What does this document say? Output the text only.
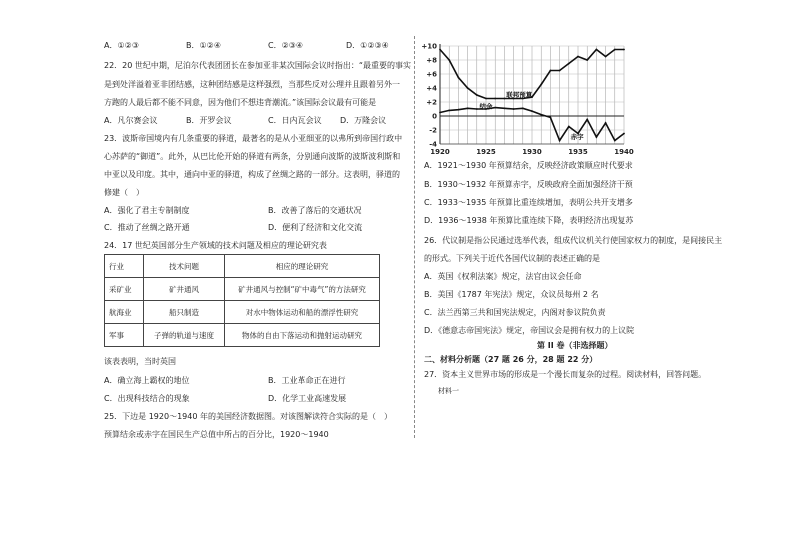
A．①②③	B．①②④	C．②③④	D．①②③④
22．20 世纪中期，尼泊尔代表团团长在参加亚非某次国际会议时指出：“最重要的事实
是到处洋溢着亚非团结感，这种团结感是这样强烈，当那些反对公理并且跟着另外一
方跑的人最后都不能不同意，因为他们不想违背潮流。”该国际会议最有可能是
A．凡尔赛会议	B．开罗会议	C．日内瓦会议 D．万隆会议
23．波斯帝国境内有几条重要的驿道，最著名的是从小亚细亚的以弗所到帝国行政中
心苏萨的“御道”。此外，从巴比伦开始的驿道有两条，分别通向波斯的波斯波利斯和
中亚以及印度。其中，通向中亚的驿道，构成了丝绸之路的一部分。这表明，驿道的
修建（　）
A．强化了君主专制制度	B．改善了落后的交通状况
C．推动了丝绸之路开通	D．便利了经济和文化交流
24．17 世纪英国部分生产领域的技术问题及相应的理论研究表
行业	技术问题	相应的理论研究
采矿业	矿井通风	矿井通风与控制“矿中毒气”的方法研究
航海业	船只制造	对水中物体运动和船的漂浮性研究
军事	子弹的轨道与速度	物体的自由下落运动和抛射运动研究
该表表明，当时英国
A．确立海上霸权的地位	B．工业革命正在进行
C．出现科技结合的现象	D．化学工业高速发展
25．下边是 1920～1940 年的美国经济数据图。对该图解读符合实际的是（　）
预算结余或赤字在国民生产总值中所占的百分比，1920～1940
+10
+8
+6
+4
+2
0
-2
-4
1920	1925	1930	1935	1940
联邦预算
结余
赤字
A．1921～1930 年预算结余，反映经济政策顺应时代要求
B．1930～1932 年预算赤字，反映政府全面加强经济干预
C．1933～1935 年预算比重连续增加，表明公共开支增多
D．1936～1938 年预算比重连续下降，表明经济出现复苏
26．代议制是指公民通过选举代表，组成代议机关行使国家权力的制度，是间接民主
的形式。下列关于近代各国代议制的表述正确的是
A．英国《权利法案》规定，法官由议会任命
B．美国《1787 年宪法》规定，众议员每州 2 名
C．法兰西第三共和国宪法规定，内阁对参议院负责
D．《德意志帝国宪法》规定，帝国议会是拥有权力的上议院
第 II 卷（非选择题）
二、材料分析题（27 题 26 分，28 题 22 分）
27．资本主义世界市场的形成是一个漫长而复杂的过程。阅读材料，回答问题。
材料一
